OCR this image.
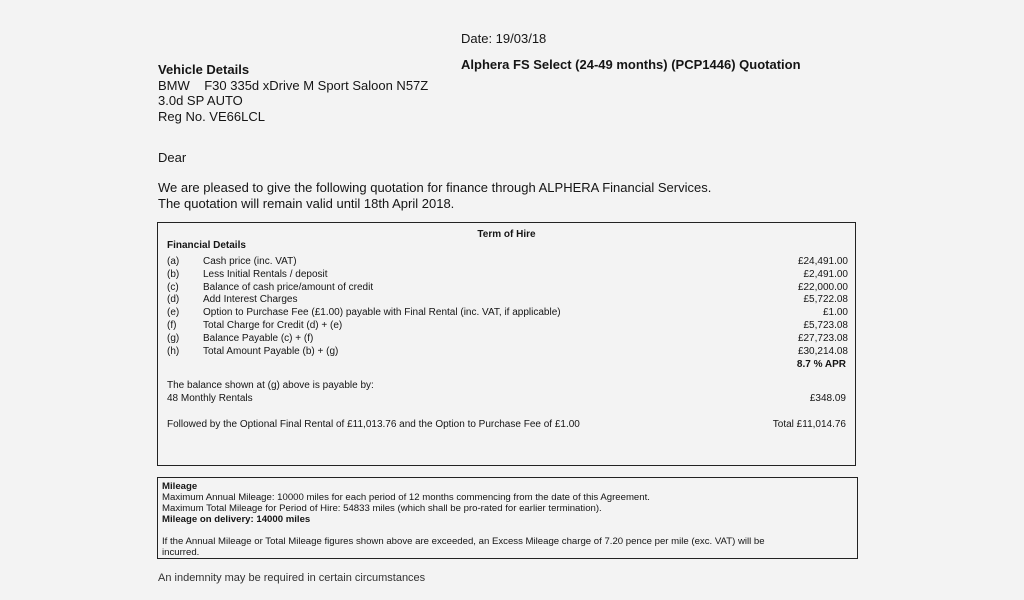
Date: 19/03/18
Alphera FS Select (24-49 months) (PCP1446) Quotation
Vehicle Details
BMW    F30 335d xDrive M Sport Saloon N57Z
3.0d SP AUTO
Reg No. VE66LCL
Dear
We are pleased to give the following quotation for finance through ALPHERA Financial Services.
The quotation will remain valid until 18th April 2018.
Term of Hire
Financial Details
(a) Cash price (inc. VAT)	£24,491.00
(b) Less Initial Rentals / deposit	£2,491.00
(c) Balance of cash price/amount of credit	£22,000.00
(d) Add Interest Charges	£5,722.08
(e) Option to Purchase Fee (£1.00) payable with Final Rental (inc. VAT, if applicable)	£1.00
(f)	Total Charge for Credit (d) + (e)	£5,723.08
(g) Balance Payable (c) + (f)	£27,723.08
(h) Total Amount Payable (b) + (g)	£30,214.08
8.7 % APR
The balance shown at (g) above is payable by:
48 Monthly Rentals	£348.09
Followed by the Optional Final Rental of £11,013.76 and the Option to Purchase Fee of £1.00	Total £11,014.76
Mileage
Maximum Annual Mileage: 10000 miles for each period of 12 months commencing from the date of this Agreement.
Maximum Total Mileage for Period of Hire: 54833 miles (which shall be pro-rated for earlier termination).
Mileage on delivery: 14000 miles
If the Annual Mileage or Total Mileage figures shown above are exceeded, an Excess Mileage charge of 7.20 pence per mile (exc. VAT) will be
incurred.
An indemnity may be required in certain circumstances
